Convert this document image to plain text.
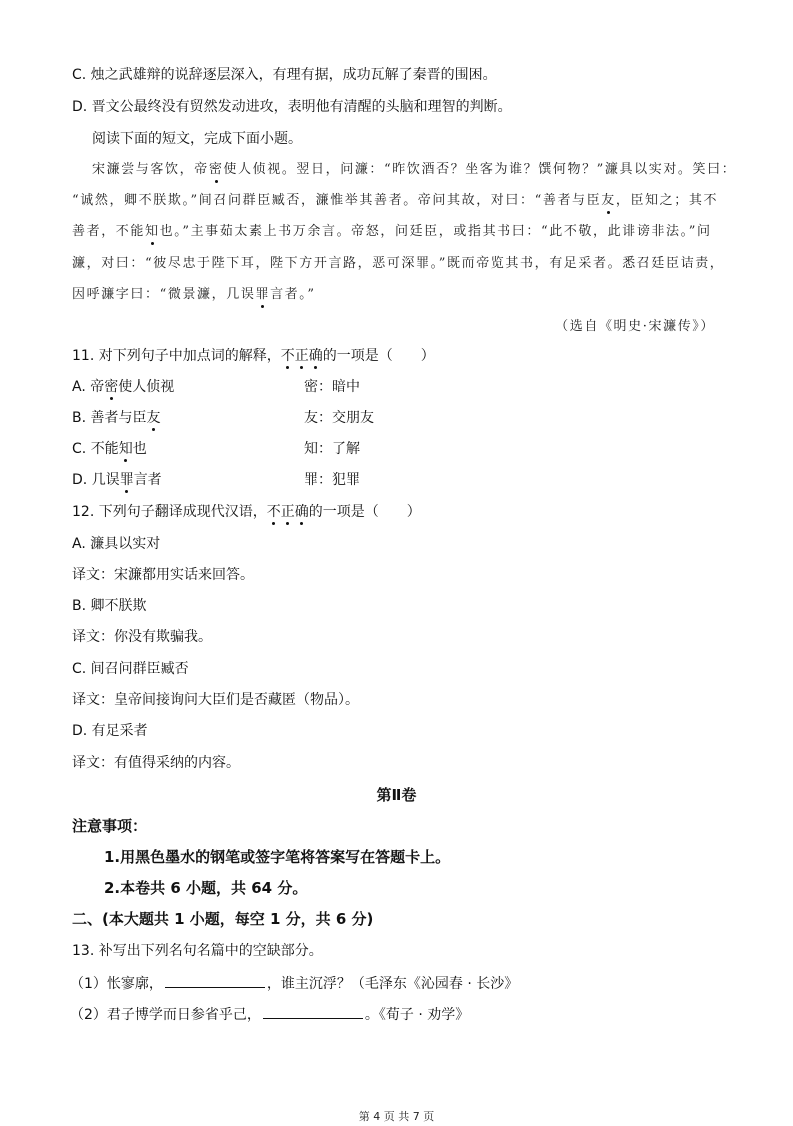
C. 烛之武雄辩的说辞逐层深入，有理有据，成功瓦解了秦晋的围困。
D. 晋文公最终没有贸然发动进攻，表明他有清醒的头脑和理智的判断。
阅读下面的短文，完成下面小题。
宋濂尝与客饮，帝密使人侦视。翌日，问濂：“昨饮酒否？坐客为谁？馔何物？”濂具以实对。笑曰：
“诚然，卿不朕欺。”间召问群臣臧否，濂惟举其善者。帝问其故，对曰：“善者与臣友，臣知之；其不
善者，不能知也。”主事茹太素上书万余言。帝怒，问廷臣，或指其书曰：“此不敬，此诽谤非法。”问
濂，对曰：“彼尽忠于陛下耳，陛下方开言路，恶可深罪。”既而帝览其书，有足采者。悉召廷臣诘责，
因呼濂字曰：“微景濂，几误罪言者。”
（选自《明史·宋濂传》）
11. 对下列句子中加点词的解释，不正确的一项是（　　）
A. 帝密使人侦视	密：暗中
B. 善者与臣友	友：交朋友
C. 不能知也	知：了解
D. 几误罪言者	罪：犯罪
12. 下列句子翻译成现代汉语，不正确的一项是（　　）
A. 濂具以实对
译文：宋濂都用实话来回答。
B. 卿不朕欺
译文：你没有欺骗我。
C. 间召问群臣臧否
译文：皇帝间接询问大臣们是否藏匿（物品）。
D. 有足采者
译文：有值得采纳的内容。
第Ⅱ卷
注意事项：
1.用黑色墨水的钢笔或签字笔将答案写在答题卡上。
2.本卷共 6 小题，共 64 分。
二、(本大题共 1 小题，每空 1 分，共 6 分)
13. 补写出下列名句名篇中的空缺部分。
（1）怅寥廓，	，谁主沉浮？（毛泽东《沁园春 · 长沙》
（2）君子博学而日参省乎己，	。《荀子 · 劝学》
第 4 页 共 7 页
